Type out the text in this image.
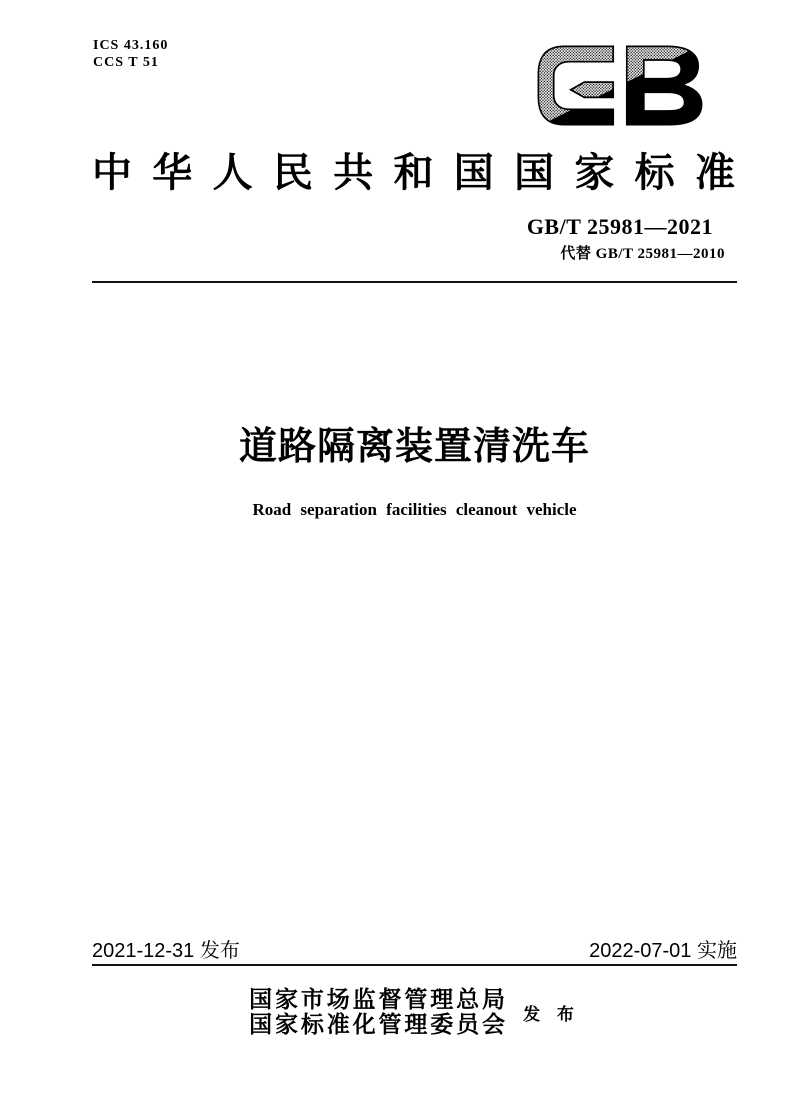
ICS 43.160
CCS T 51
中 华 人 民 共 和 国 国 家 标 准
GB/T 25981—2021
代替 GB/T 25981—2010
道路隔离装置清洗车
Road separation facilities cleanout vehicle
2021-12-31 发布	2022-07-01 实施
国 家 市 场 监 督 管 理 总 局
国 家 标 准 化 管 理 委 员 会 发 布
